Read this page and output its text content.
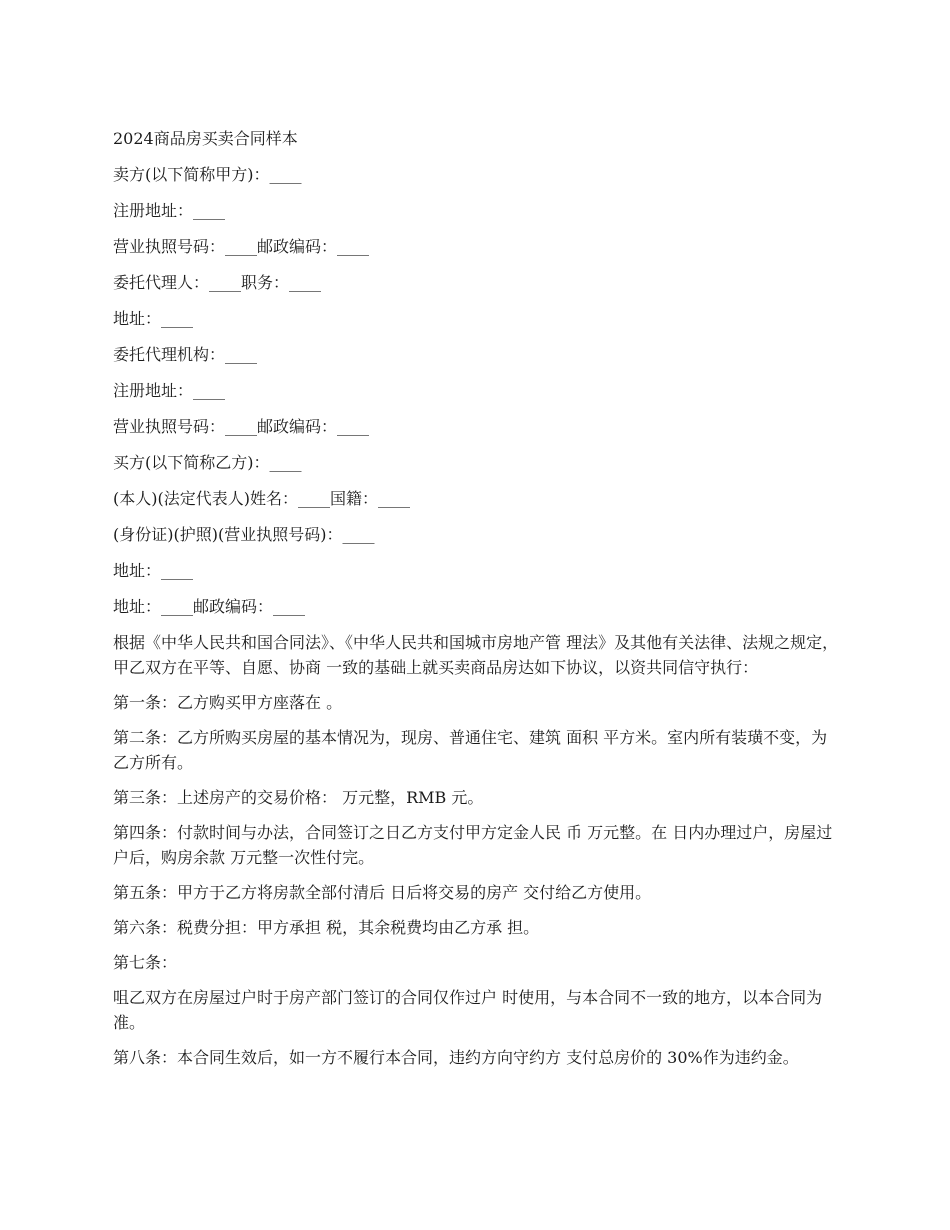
2024商品房买卖合同样本
卖方(以下简称甲方)：____
注册地址：____
营业执照号码：____邮政编码：____
委托代理人：____职务：____
地址：____
委托代理机构：____
注册地址：____
营业执照号码：____邮政编码：____
买方(以下简称乙方)：____
(本人)(法定代表人)姓名：____国籍：____
(身份证)(护照)(营业执照号码)：____
地址：____
地址：____邮政编码：____
根据《中华人民共和国合同法》、《中华人民共和国城市房地产管 理法》及其他有关法律、法规之规定，甲乙双方在平等、自愿、协商 一致的基础上就买卖商品房达如下协议，以资共同信守执行：
第一条：乙方购买甲方座落在 。
第二条：乙方所购买房屋的基本情况为，现房、普通住宅、建筑 面积 平方米。室内所有装璜不变，为乙方所有。
第三条：上述房产的交易价格： 万元整，RMB 元。
第四条：付款时间与办法，合同签订之日乙方支付甲方定金人民 币 万元整。在 日内办理过户，房屋过户后，购房余款 万元整一次性付完。
第五条：甲方于乙方将房款全部付清后 日后将交易的房产 交付给乙方使用。
第六条：税费分担：甲方承担 税，其余税费均由乙方承 担。
第七条：
咀乙双方在房屋过户时于房产部门签订的合同仅作过户 时使用，与本合同不一致的地方，以本合同为准。
第八条：本合同生效后，如一方不履行本合同，违约方向守约方 支付总房价的 30%作为违约金。
